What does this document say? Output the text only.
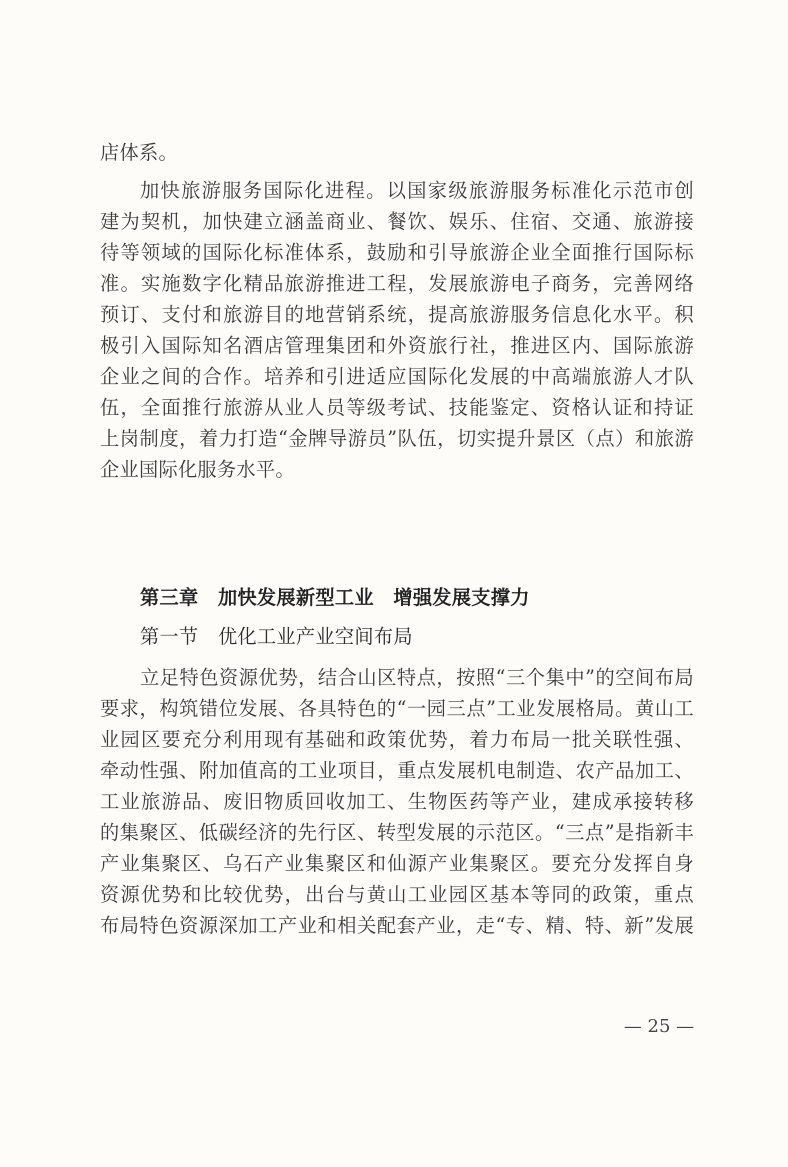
店体系。
加快旅游服务国际化进程。以国家级旅游服务标准化示范市创
建为契机，加快建立涵盖商业、餐饮、娱乐、住宿、交通、旅游接
待等领域的国际化标准体系，鼓励和引导旅游企业全面推行国际标
准。实施数字化精品旅游推进工程，发展旅游电子商务，完善网络
预订、支付和旅游目的地营销系统，提高旅游服务信息化水平。积
极引入国际知名酒店管理集团和外资旅行社，推进区内、国际旅游
企业之间的合作。培养和引进适应国际化发展的中高端旅游人才队
伍，全面推行旅游从业人员等级考试、技能鉴定、资格认证和持证
上岗制度，着力打造“金牌导游员”队伍，切实提升景区（点）和旅游
企业国际化服务水平。
第三章　加快发展新型工业　增强发展支撑力
第一节　优化工业产业空间布局
立足特色资源优势，结合山区特点，按照“三个集中”的空间布局
要求，构筑错位发展、各具特色的“一园三点”工业发展格局。黄山工
业园区要充分利用现有基础和政策优势，着力布局一批关联性强、
牵动性强、附加值高的工业项目，重点发展机电制造、农产品加工、
工业旅游品、废旧物质回收加工、生物医药等产业，建成承接转移
的集聚区、低碳经济的先行区、转型发展的示范区。“三点”是指新丰
产业集聚区、乌石产业集聚区和仙源产业集聚区。要充分发挥自身
资源优势和比较优势，出台与黄山工业园区基本等同的政策，重点
布局特色资源深加工产业和相关配套产业，走“专、精、特、新”发展
— 25 —
